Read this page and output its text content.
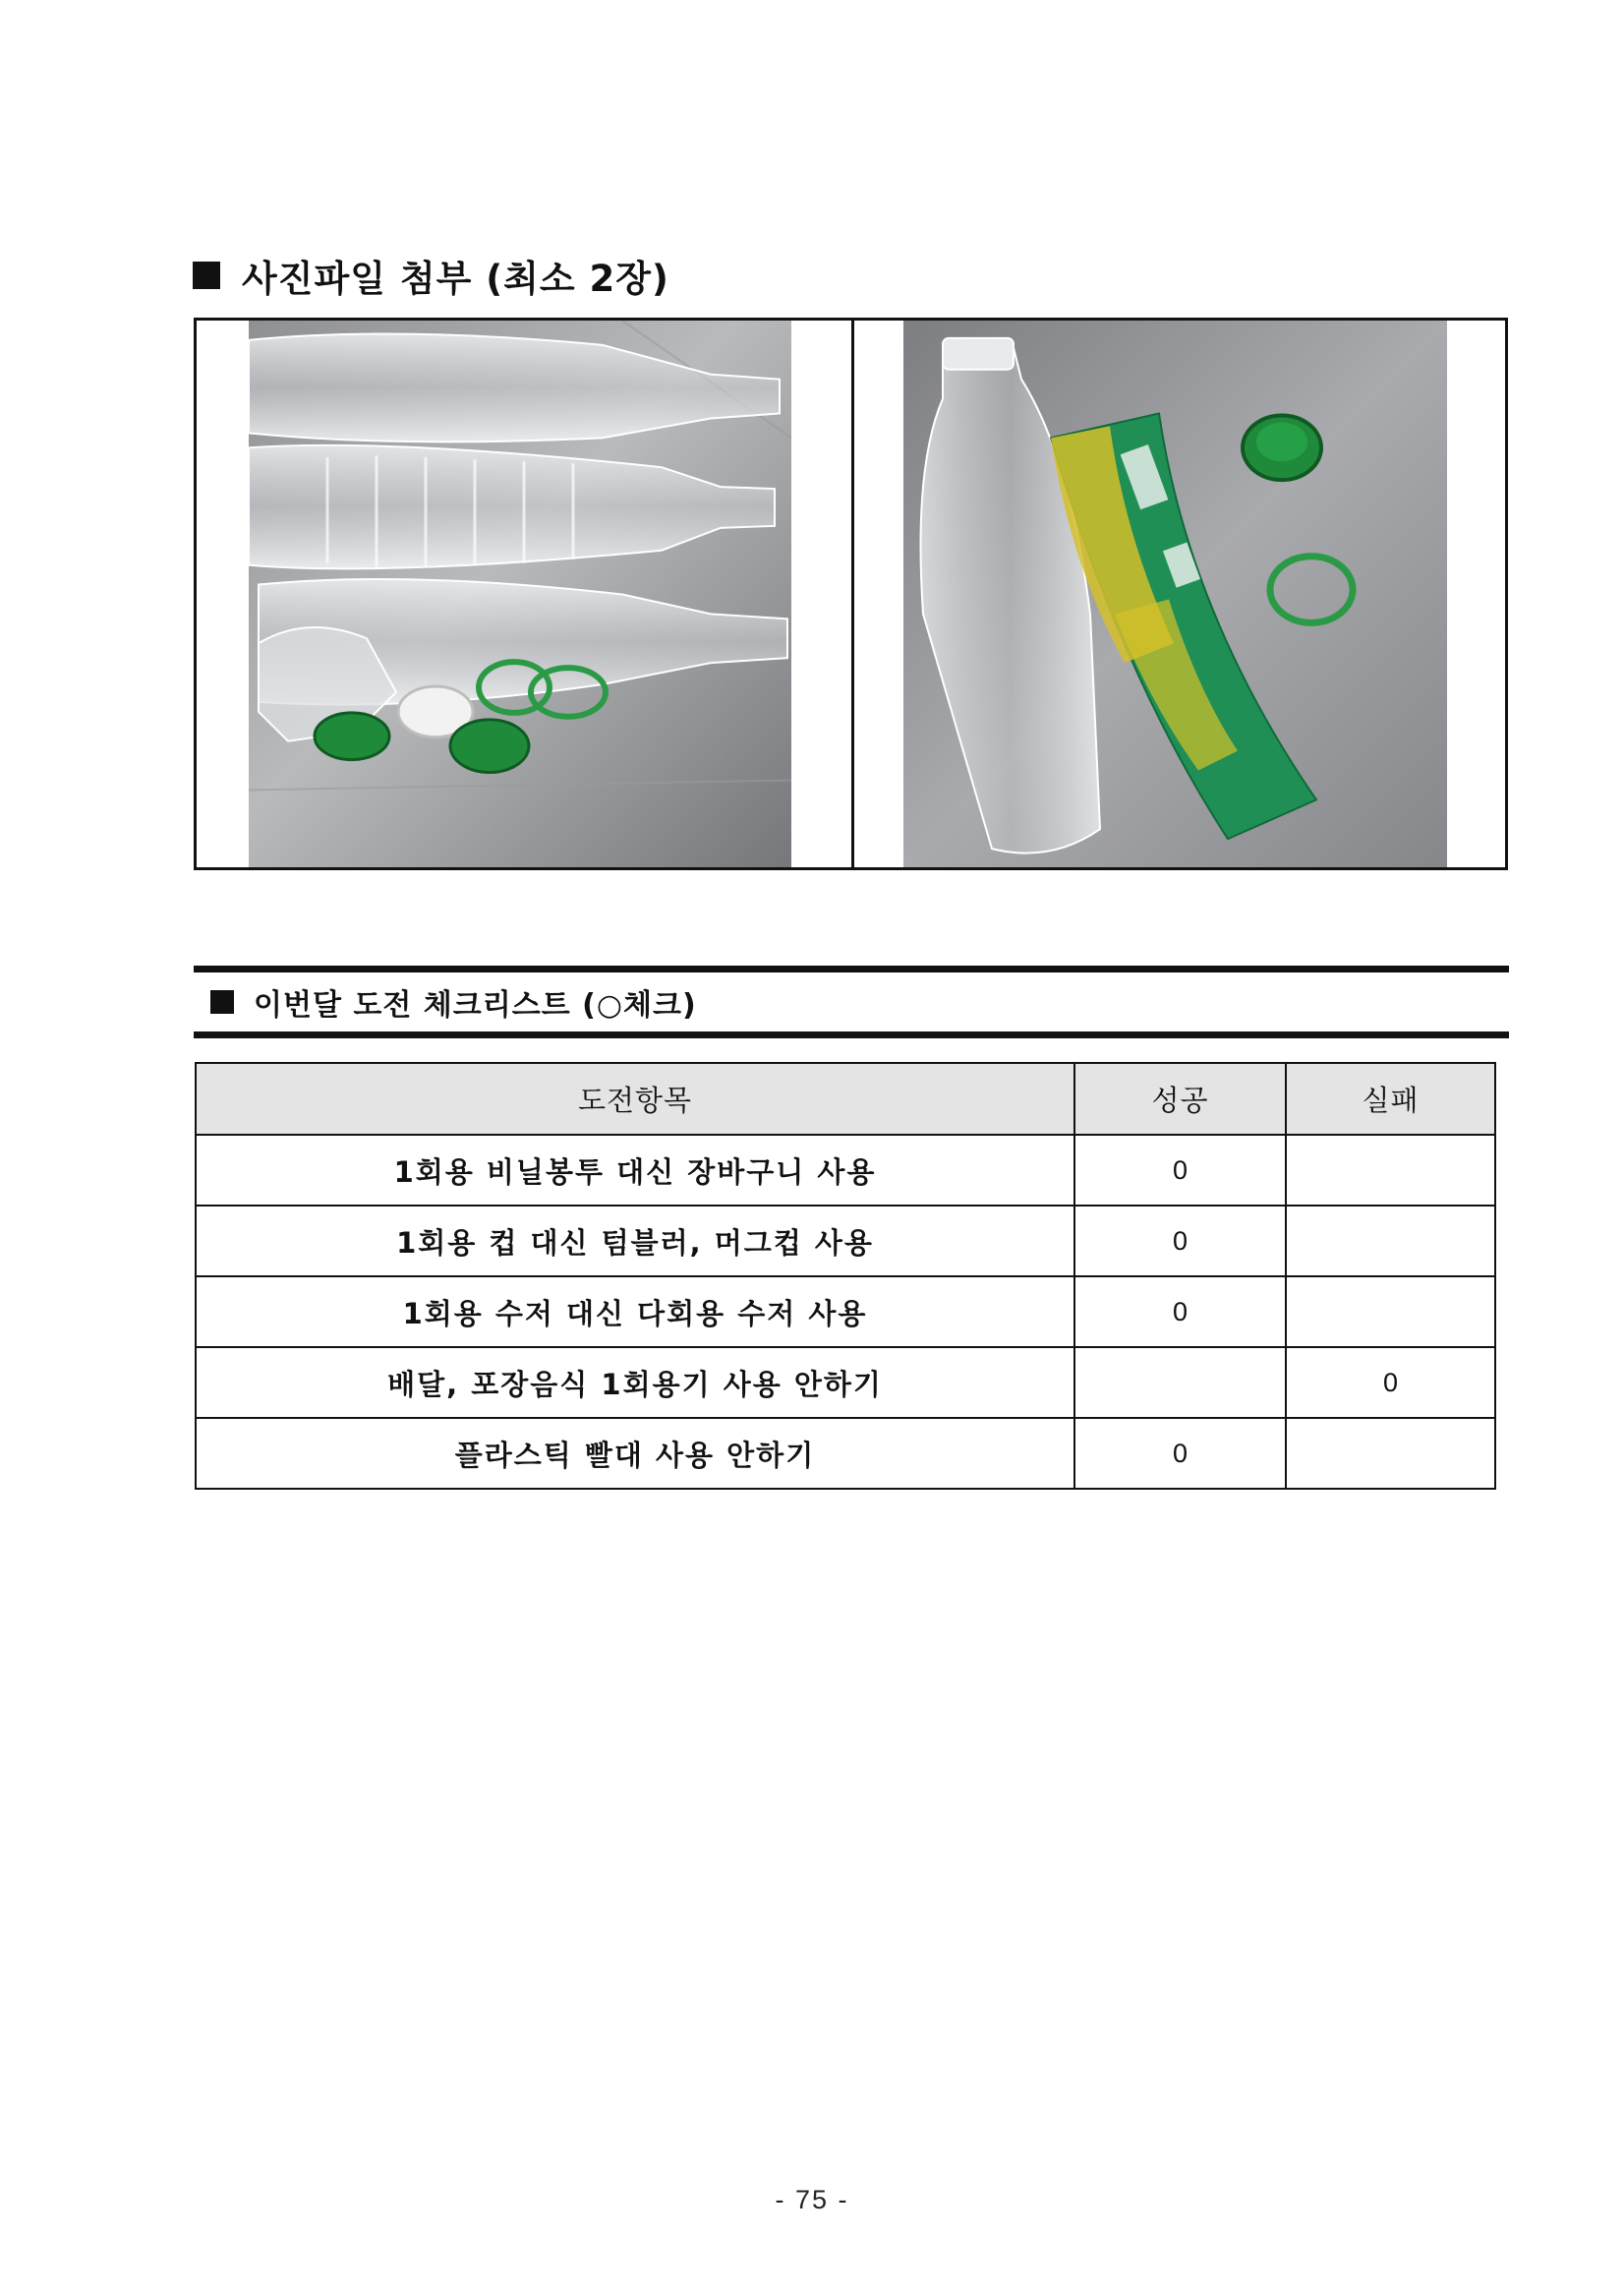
사진파일 첨부 (최소 2장)
이번달 도전 체크리스트 (○체크)
도전항목	성공	실패
1회용 비닐봉투 대신 장바구니 사용	0	
1회용 컵 대신 텀블러, 머그컵 사용	0	
1회용 수저 대신 다회용 수저 사용	0	
배달, 포장음식 1회용기 사용 안하기		0
플라스틱 빨대 사용 안하기	0	
- 75 -
